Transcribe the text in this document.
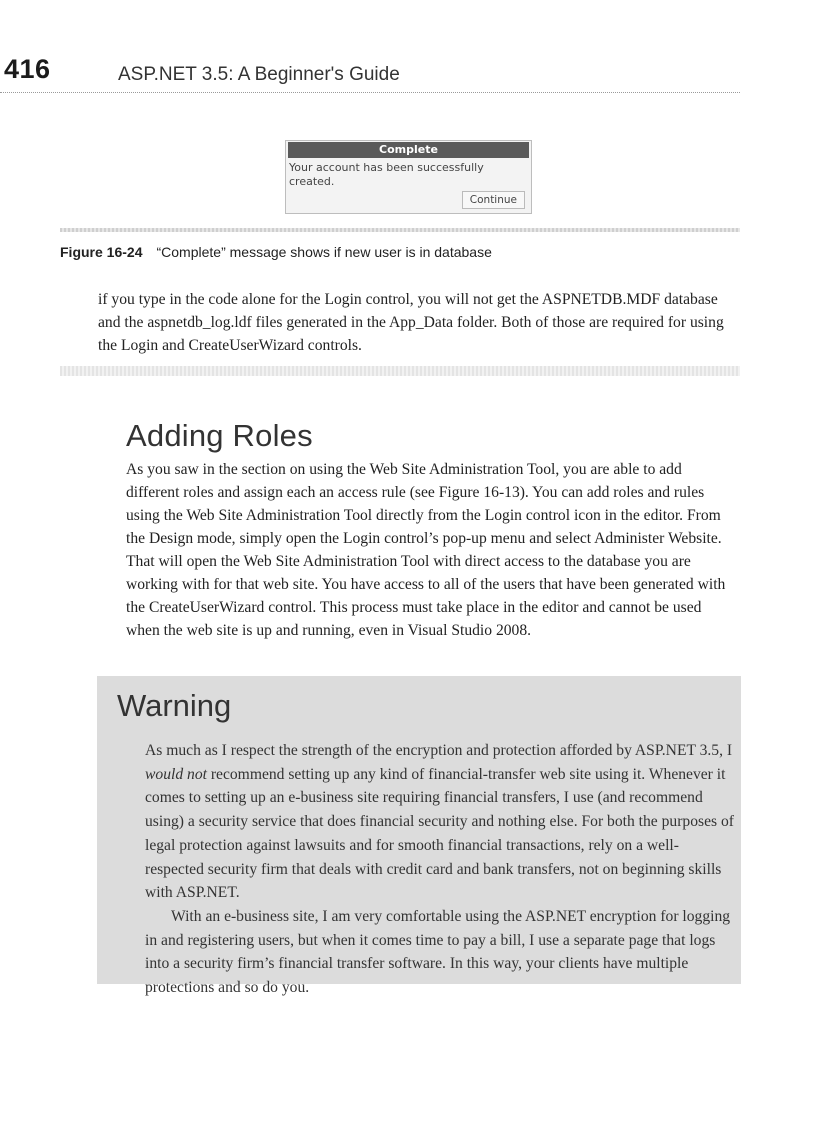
416	ASP.NET 3.5: A Beginner's Guide
Complete
Your account has been successfully created.
Continue
Figure 16-24 “Complete” message shows if new user is in database
if you type in the code alone for the Login control, you will not get the ASPNETDB.MDF database and the aspnetdb_log.ldf files generated in the App_Data folder. Both of those are required for using the Login and CreateUserWizard controls.
Adding Roles
As you saw in the section on using the Web Site Administration Tool, you are able to add different roles and assign each an access rule (see Figure 16-13). You can add roles and rules using the Web Site Administration Tool directly from the Login control icon in the editor. From the Design mode, simply open the Login control’s pop-up menu and select Administer Website. That will open the Web Site Administration Tool with direct access to the database you are working with for that web site. You have access to all of the users that have been generated with the CreateUserWizard control. This process must take place in the editor and cannot be used when the web site is up and running, even in Visual Studio 2008.
Warning

As much as I respect the strength of the encryption and protection afforded by ASP.NET 3.5, I would not recommend setting up any kind of financial-transfer web site using it. Whenever it comes to setting up an e-business site requiring financial transfers, I use (and recommend using) a security service that does financial security and nothing else. For both the purposes of legal protection against lawsuits and for smooth financial transactions, rely on a well-respected security firm that deals with credit card and bank transfers, not on beginning skills with ASP.NET.

With an e-business site, I am very comfortable using the ASP.NET encryption for logging in and registering users, but when it comes time to pay a bill, I use a separate page that logs into a security firm’s financial transfer software. In this way, your clients have multiple protections and so do you.
